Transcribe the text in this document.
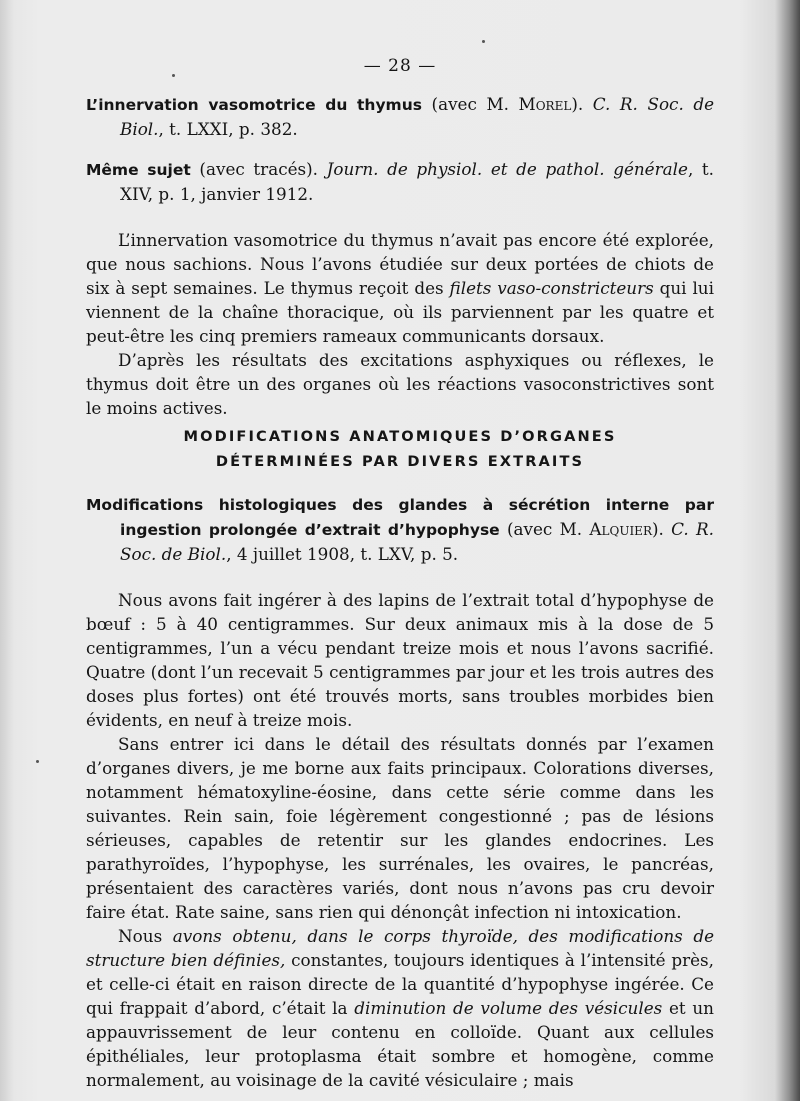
— 28 —

L’innervation vasomotrice du thymus (avec M. Morel). C. R. Soc. de Biol., t. LXXI, p. 382.

Même sujet (avec tracés). Journ. de physiol. et de pathol. générale, t. XIV, p. 1, janvier 1912.

L’innervation vasomotrice du thymus n’avait pas encore été explorée, que nous sachions. Nous l’avons étudiée sur deux portées de chiots de six à sept semaines. Le thymus reçoit des filets vaso-constricteurs qui lui viennent de la chaîne thoracique, où ils parviennent par les quatre et peut-être les cinq premiers rameaux communicants dorsaux.

D’après les résultats des excitations asphyxiques ou réflexes, le thymus doit être un des organes où les réactions vasoconstrictives sont le moins actives.

MODIFICATIONS ANATOMIQUES D’ORGANES

DÉTERMINÉES PAR DIVERS EXTRAITS

Modifications histologiques des glandes à sécrétion interne par ingestion prolongée d’extrait d’hypophyse (avec M. Alquier). C. R. Soc. de Biol., 4 juillet 1908, t. LXV, p. 5.

Nous avons fait ingérer à des lapins de l’extrait total d’hypophyse de bœuf : 5 à 40 centigrammes. Sur deux animaux mis à la dose de 5 centigrammes, l’un a vécu pendant treize mois et nous l’avons sacrifié. Quatre (dont l’un recevait 5 centigrammes par jour et les trois autres des doses plus fortes) ont été trouvés morts, sans troubles morbides bien évidents, en neuf à treize mois.

Sans entrer ici dans le détail des résultats donnés par l’examen d’organes divers, je me borne aux faits principaux. Colorations diverses, notamment hématoxyline-éosine, dans cette série comme dans les suivantes. Rein sain, foie légèrement congestionné ; pas de lésions sérieuses, capables de retentir sur les glandes endocrines. Les parathyroïdes, l’hypophyse, les surrénales, les ovaires, le pancréas, présentaient des caractères variés, dont nous n’avons pas cru devoir faire état. Rate saine, sans rien qui dénonçât infection ni intoxication.

Nous avons obtenu, dans le corps thyroïde, des modifications de structure bien définies, constantes, toujours identiques à l’intensité près, et celle-ci était en raison directe de la quantité d’hypophyse ingérée. Ce qui frappait d’abord, c’était la diminution de volume des vésicules et un appauvrissement de leur contenu en colloïde. Quant aux cellules épithéliales, leur protoplasma était sombre et homogène, comme normalement, au voisinage de la cavité vésiculaire ; mais
